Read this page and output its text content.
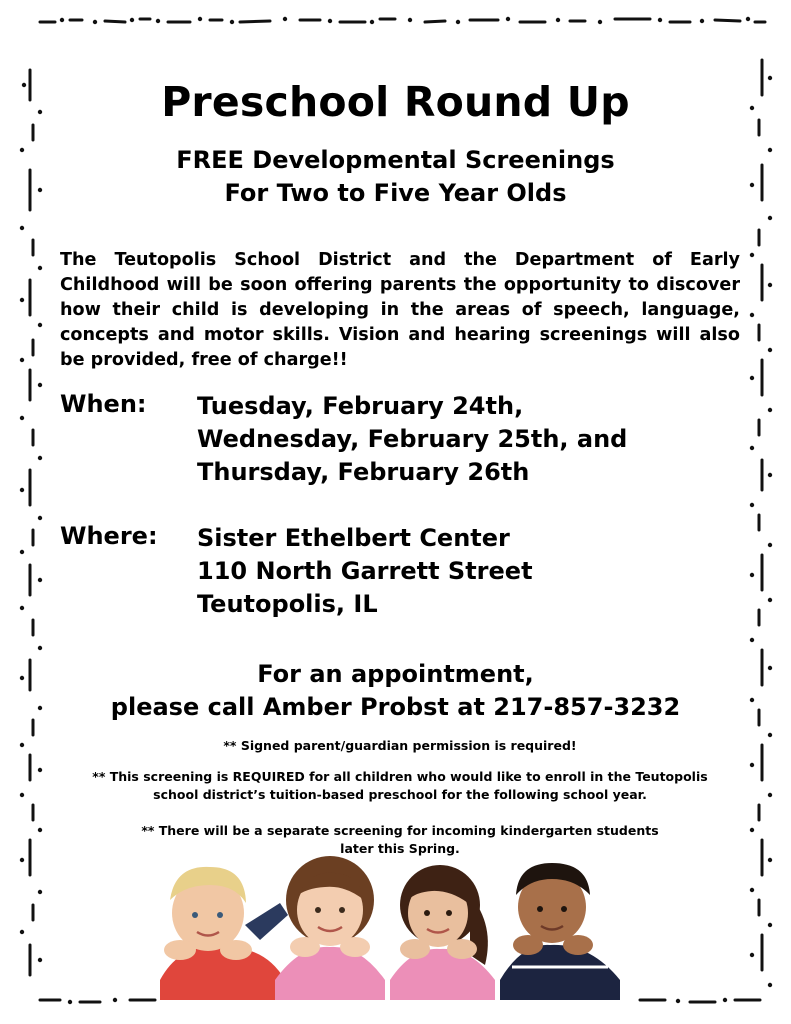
Preschool Round Up
FREE Developmental Screenings
For Two to Five Year Olds
The Teutopolis School District and the Department of Early Childhood will be soon offering parents the opportunity to discover how their child is developing in the areas of speech, language, concepts and motor skills. Vision and hearing screenings will also be provided, free of charge!!
When: Tuesday, February 24th,
Wednesday, February 25th, and
Thursday, February 26th
Where: Sister Ethelbert Center
110 North Garrett Street
Teutopolis, IL
For an appointment,
please call Amber Probst at 217-857-3232
** Signed parent/guardian permission is required!
** This screening is REQUIRED for all children who would like to enroll in the Teutopolis
school district’s tuition-based preschool for the following school year.
** There will be a separate screening for incoming kindergarten students
later this Spring.
